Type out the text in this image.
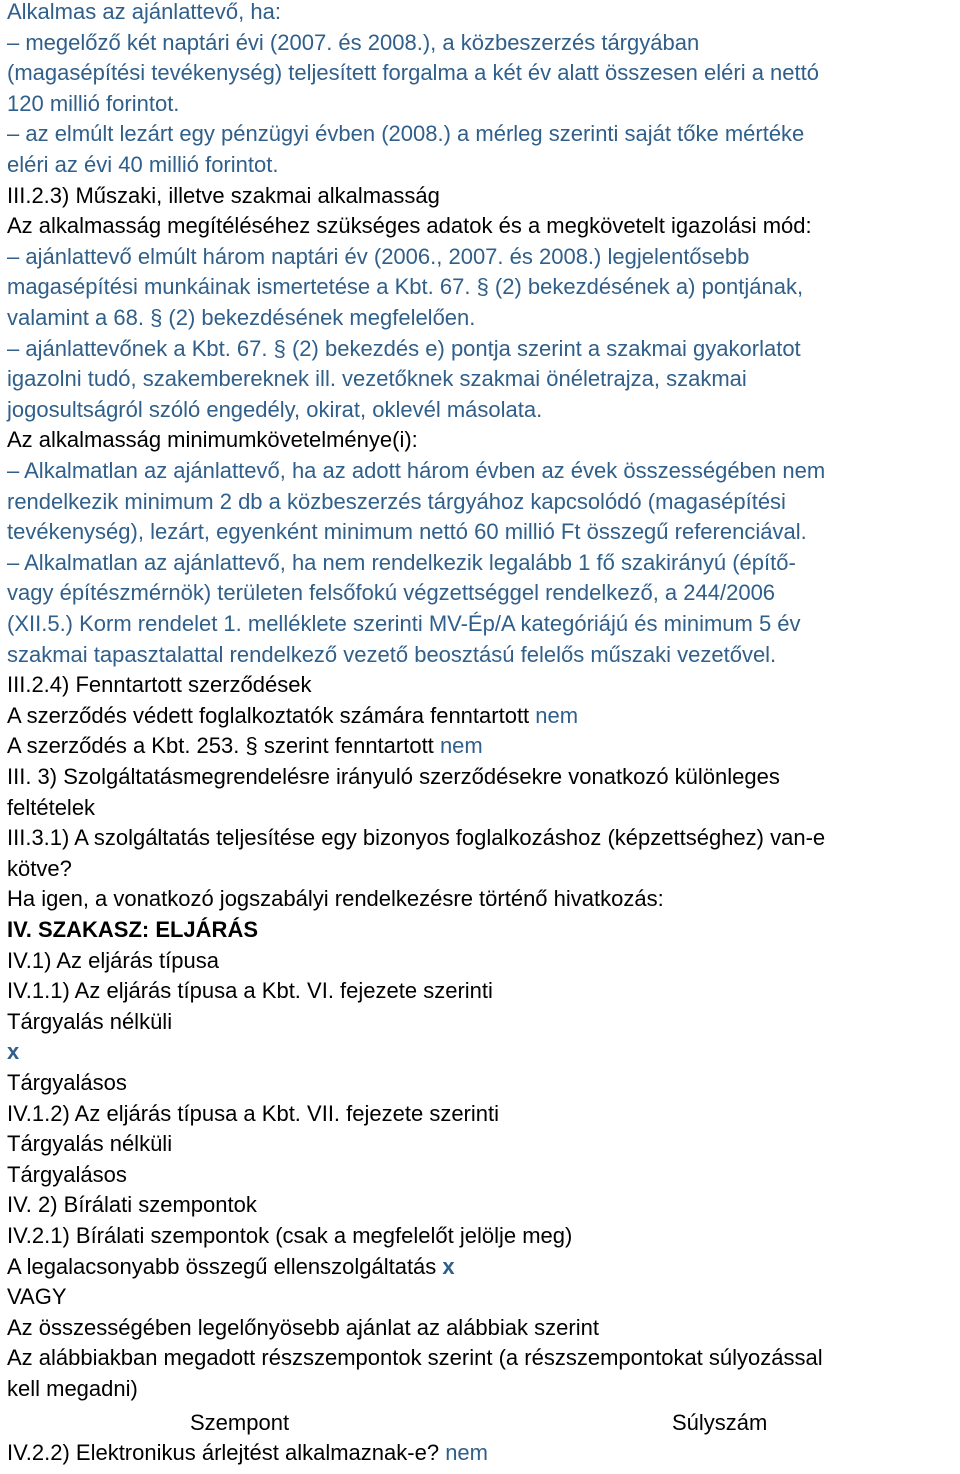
Alkalmas az ajánlattevő, ha:
– megelőző két naptári évi (2007. és 2008.), a közbeszerzés tárgyában
(magasépítési tevékenység) teljesített forgalma a két év alatt összesen eléri a nettó
120 millió forintot.
– az elmúlt lezárt egy pénzügyi évben (2008.) a mérleg szerinti saját tőke mértéke
eléri az évi 40 millió forintot.
III.2.3) Műszaki, illetve szakmai alkalmasság
Az alkalmasság megítéléséhez szükséges adatok és a megkövetelt igazolási mód:
– ajánlattevő elmúlt három naptári év (2006., 2007. és 2008.) legjelentősebb
magasépítési munkáinak ismertetése a Kbt. 67. § (2) bekezdésének a) pontjának,
valamint a 68. § (2) bekezdésének megfelelően.
– ajánlattevőnek a Kbt. 67. § (2) bekezdés e) pontja szerint a szakmai gyakorlatot
igazolni tudó, szakembereknek ill. vezetőknek szakmai önéletrajza, szakmai
jogosultságról szóló engedély, okirat, oklevél másolata.
Az alkalmasság minimumkövetelménye(i):
– Alkalmatlan az ajánlattevő, ha az adott három évben az évek összességében nem
rendelkezik minimum 2 db a közbeszerzés tárgyához kapcsolódó (magasépítési
tevékenység), lezárt, egyenként minimum nettó 60 millió Ft összegű referenciával.
– Alkalmatlan az ajánlattevő, ha nem rendelkezik legalább 1 fő szakirányú (építő-
vagy építészmérnök) területen felsőfokú végzettséggel rendelkező, a 244/2006
(XII.5.) Korm rendelet 1. melléklete szerinti MV-Ép/A kategóriájú és minimum 5 év
szakmai tapasztalattal rendelkező vezető beosztású felelős műszaki vezetővel.
III.2.4) Fenntartott szerződések
A szerződés védett foglalkoztatók számára fenntartott nem
A szerződés a Kbt. 253. § szerint fenntartott nem
III. 3) Szolgáltatásmegrendelésre irányuló szerződésekre vonatkozó különleges
feltételek
III.3.1) A szolgáltatás teljesítése egy bizonyos foglalkozáshoz (képzettséghez) van-e
kötve?
Ha igen, a vonatkozó jogszabályi rendelkezésre történő hivatkozás:
IV. SZAKASZ: ELJÁRÁS
IV.1) Az eljárás típusa
IV.1.1) Az eljárás típusa a Kbt. VI. fejezete szerinti
Tárgyalás nélküli
x
Tárgyalásos
IV.1.2) Az eljárás típusa a Kbt. VII. fejezete szerinti
Tárgyalás nélküli
Tárgyalásos
IV. 2) Bírálati szempontok
IV.2.1) Bírálati szempontok (csak a megfelelőt jelölje meg)
A legalacsonyabb összegű ellenszolgáltatás x
VAGY
Az összességében legelőnyösebb ajánlat az alábbiak szerint
Az alábbiakban megadott részszempontok szerint (a részszempontokat súlyozással
kell megadni)
Szempont	Súlyszám
IV.2.2) Elektronikus árlejtést alkalmaznak-e? nem
